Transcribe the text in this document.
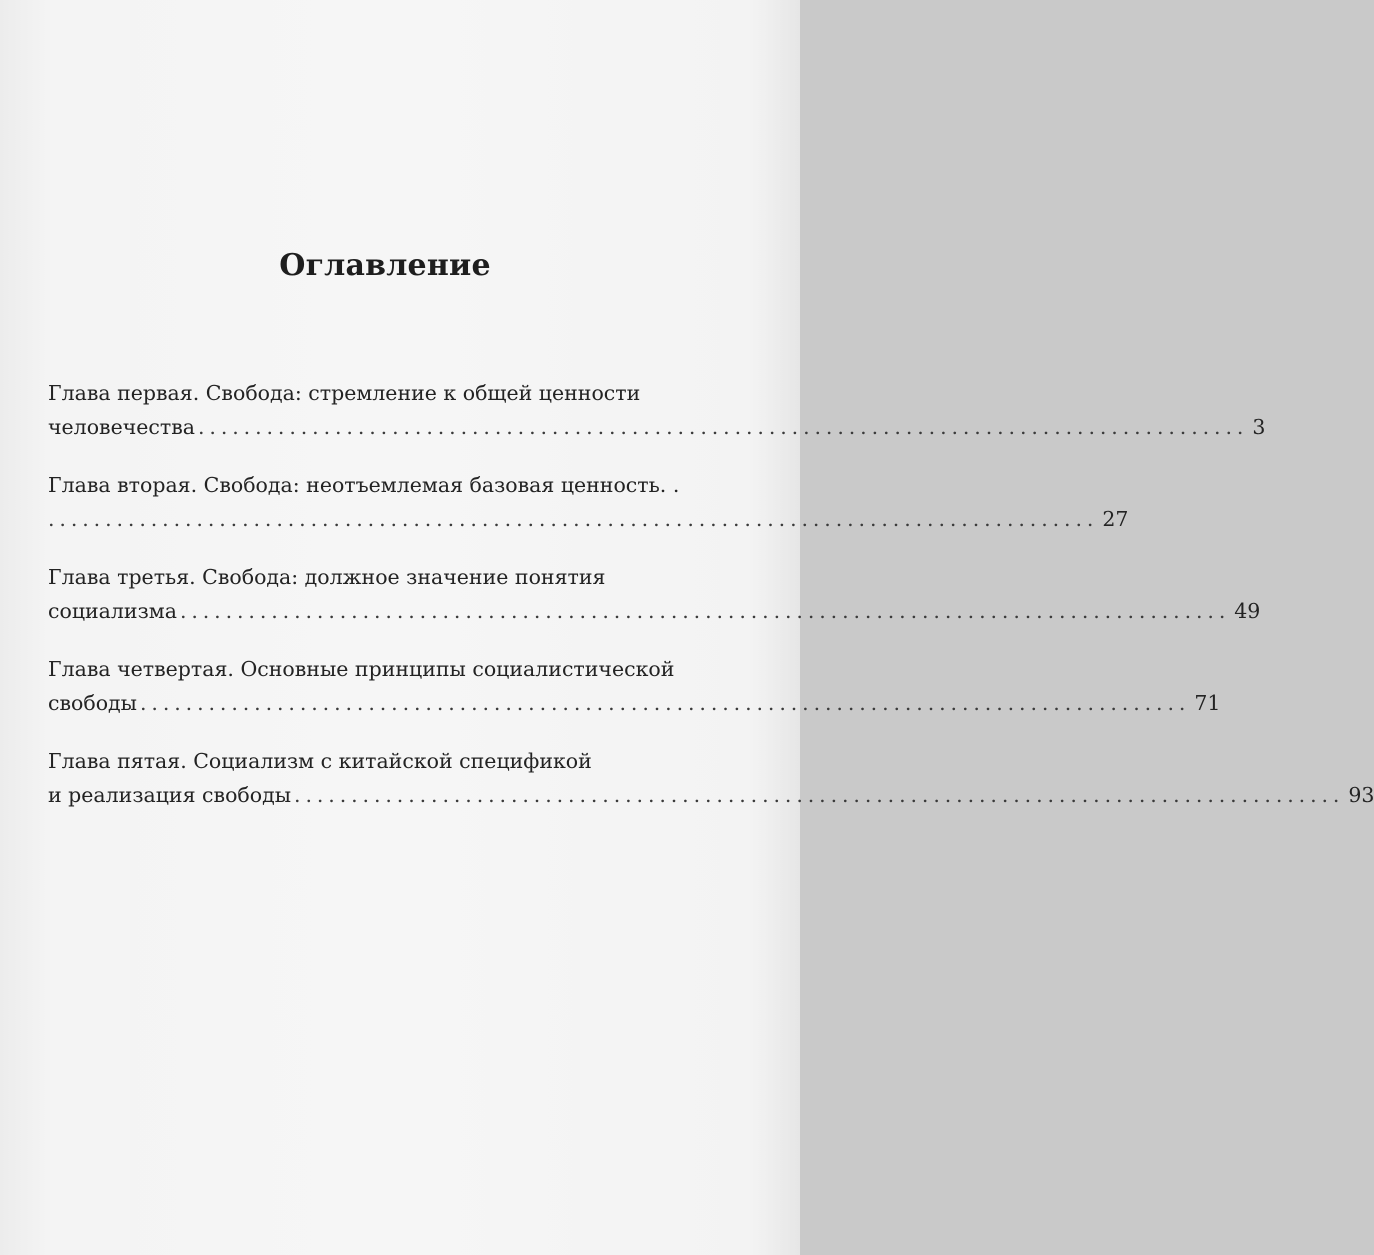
Оглавление
Глава первая. Свобода: стремление к общей ценности
человечества ............................................................................................ 3
Глава вторая. Свобода: неотъемлемая базовая ценность. .
............................................................................................ 27
Глава третья. Свобода: должное значение понятия
социализма ............................................................................................ 49
Глава четвертая. Основные принципы социалистической
свободы ............................................................................................ 71
Глава пятая. Социализм с китайской спецификой
и реализация свободы ............................................................................................ 93
